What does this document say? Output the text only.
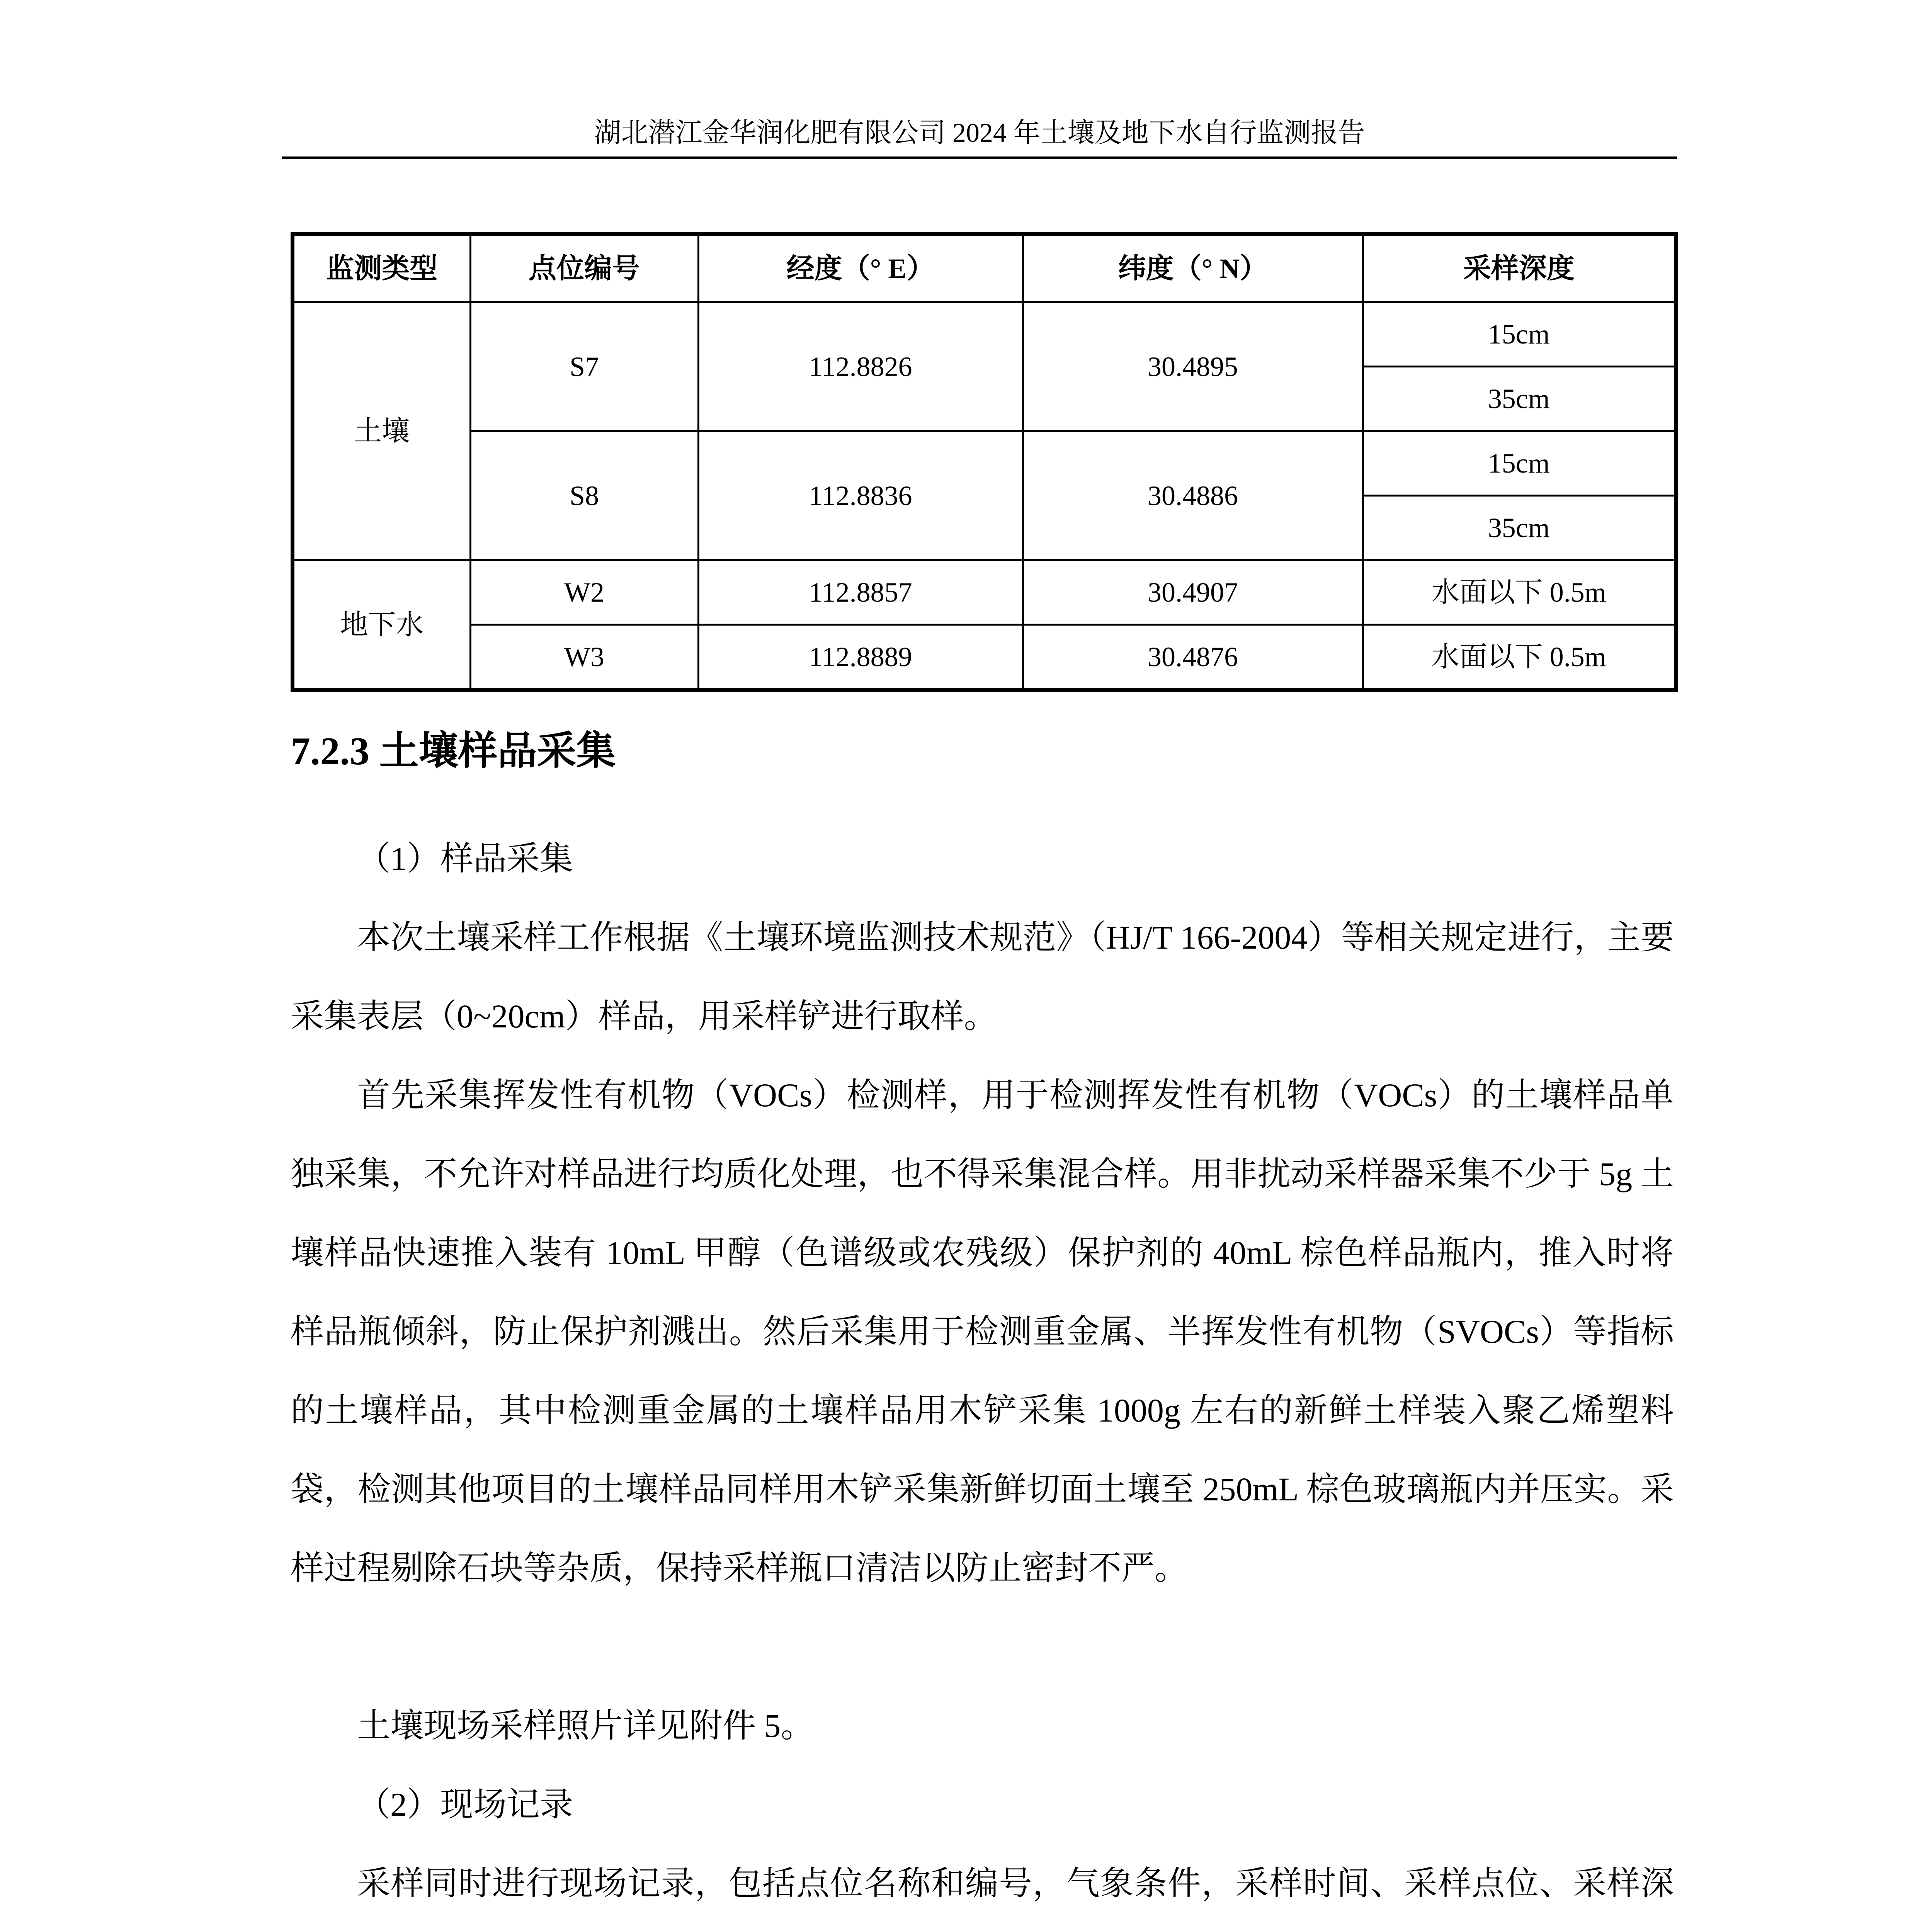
湖北潜江金华润化肥有限公司 2024 年土壤及地下水自行监测报告
监测类型	点位编号	经度（° E）	纬度（° N）	采样深度
土壤	S7	112.8826	30.4895	15cm
				35cm
	S8	112.8836	30.4886	15cm
				35cm
地下水	W2	112.8857	30.4907	水面以下 0.5m
	W3	112.8889	30.4876	水面以下 0.5m
7.2.3 土壤样品采集
（1）样品采集
本次土壤采样工作根据《土壤环境监测技术规范》（HJ/T 166-2004）等相关规定进行，主要采集表层（0~20cm）样品，用采样铲进行取样。
首先采集挥发性有机物（VOCs）检测样，用于检测挥发性有机物（VOCs）的土壤样品单独采集，不允许对样品进行均质化处理，也不得采集混合样。用非扰动采样器采集不少于 5g 土壤样品快速推入装有 10mL 甲醇（色谱级或农残级）保护剂的 40mL 棕色样品瓶内，推入时将样品瓶倾斜，防止保护剂溅出。然后采集用于检测重金属、半挥发性有机物（SVOCs）等指标的土壤样品，其中检测重金属的土壤样品用木铲采集 1000g 左右的新鲜土样装入聚乙烯塑料袋，检测其他项目的土壤样品同样用木铲采集新鲜切面土壤至 250mL 棕色玻璃瓶内并压实。采样过程剔除石块等杂质，保持采样瓶口清洁以防止密封不严。
土壤现场采样照片详见附件 5。
（2）现场记录
采样同时进行现场记录，包括点位名称和编号，气象条件，采样时间、采样点位、采样深
